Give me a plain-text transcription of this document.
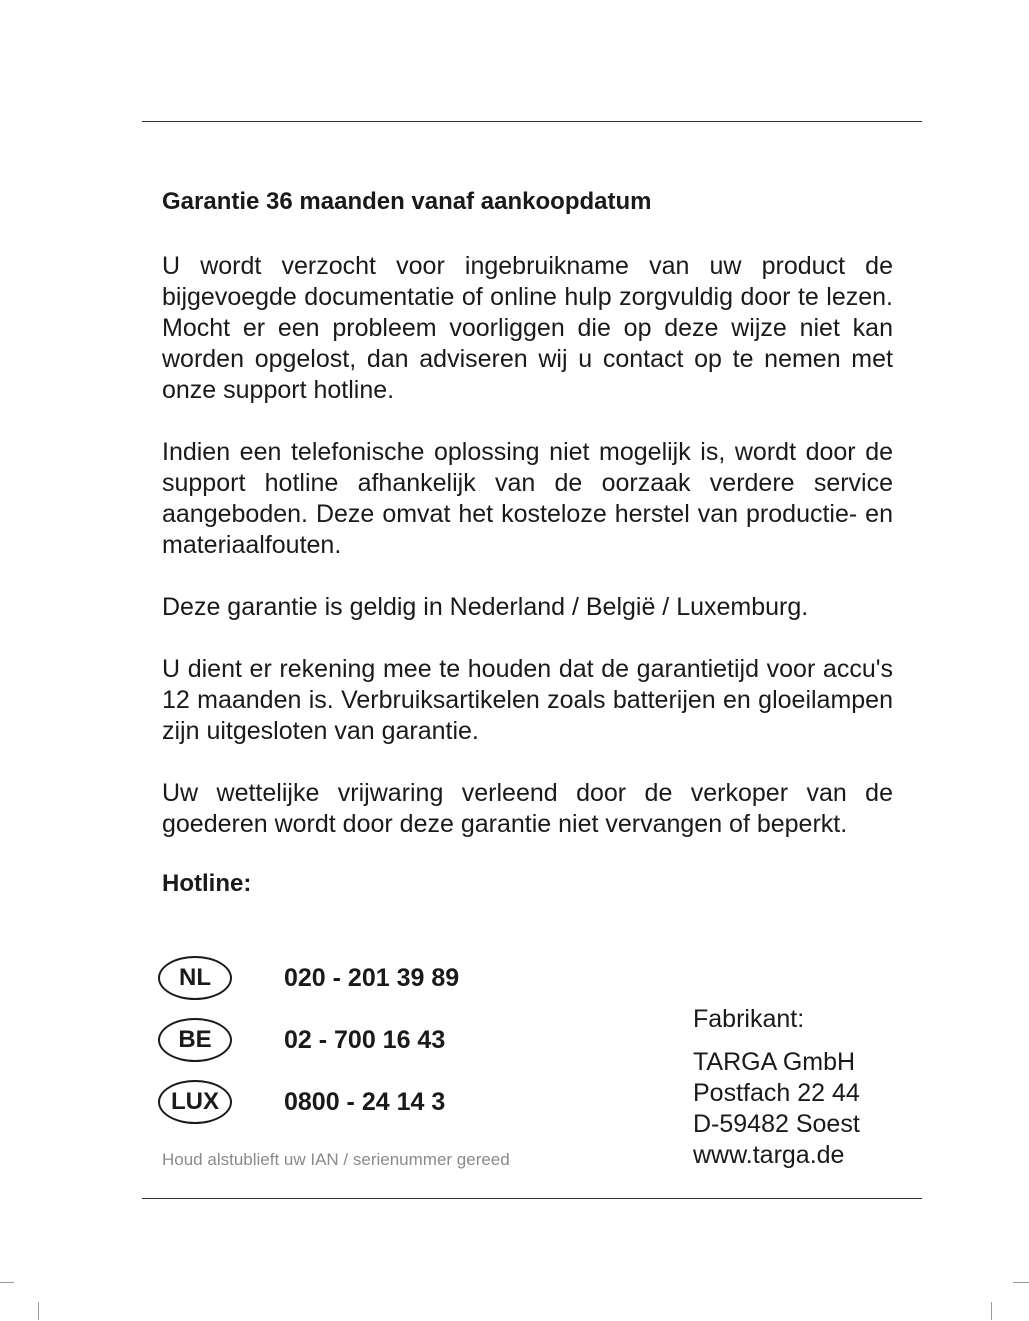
Garantie 36 maanden vanaf aankoopdatum

U wordt verzocht voor ingebruikname van uw product de bijgevoegde documentatie of online hulp zorgvuldig door te lezen. Mocht er een probleem voorliggen die op deze wijze niet kan worden opgelost, dan adviseren wij u contact op te nemen met onze support hotline.

Indien een telefonische oplossing niet mogelijk is, wordt door de support hotline afhankelijk van de oorzaak verdere service aangeboden. Deze omvat het kosteloze herstel van productie- en materiaalfouten.

Deze garantie is geldig in Nederland / België / Luxemburg.

U dient er rekening mee te houden dat de garantietijd voor accu's 12 maanden is. Verbruiksartikelen zoals batterijen en gloeilampen zijn uitgesloten van garantie.

Uw wettelijke vrijwaring verleend door de verkoper van de goederen wordt door deze garantie niet vervangen of beperkt.

Hotline:
NL	020 - 201 39 89
BE	02 - 700 16 43
LUX	0800 - 24 14 3
Houd alstublieft uw IAN / serienummer gereed
Fabrikant:
TARGA GmbH
Postfach 22 44
D-59482 Soest
www.targa.de
